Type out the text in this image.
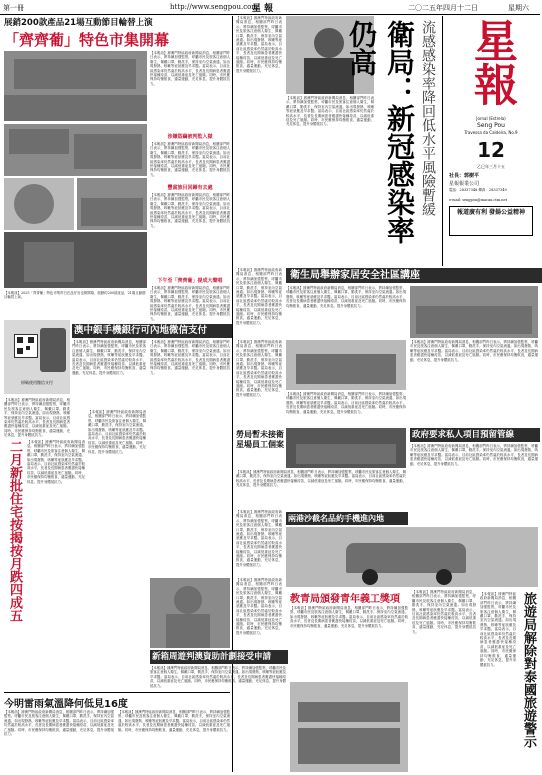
第一冊	http://www.sengpou.com
星 報	二〇二五年四月十二日	星期六
展銷200款產品21場互動節目輪替上演
「齊齊葡」特色市集開幕
【本報訊】據澳門特區政府新聞局消息，相關部門昨日表示，將持續加強監察，呼籲市民及旅客注意個人衛生，佩戴口罩，勤洗手，保持室內空氣流通。如出現發熱、咳嗽等症狀應及早求醫。當局表示，目前社區感染率仍然處於較高水平，長者及長期病患者應盡快接種疫苗，以減低重症及死亡風險。同時，市民應保持均衡飲食，適量運動，充足休息，提升身體抵抗力。
涉嫌盜竊被判監入獄
【本報訊】據澳門特區政府新聞局消息，相關部門昨日表示，將持續加強監察，呼籲市民及旅客注意個人衛生，佩戴口罩，勤洗手，保持室內空氣流通。如出現發熱、咳嗽等症狀應及早求醫。當局表示，目前社區感染率仍然處於較高水平，長者及長期病患者應盡快接種疫苗，以減低重症及死亡風險。同時，市民應保持均衡飲食，適量運動，充足休息，提升身體抵抗力。
豐富旅目回歸有去處
【本報訊】據澳門特區政府新聞局消息，相關部門昨日表示，將持續加強監察，呼籲市民及旅客注意個人衛生，佩戴口罩，勤洗手，保持室內空氣流通。如出現發熱、咳嗽等症狀應及早求醫。當局表示，目前社區感染率仍然處於較高水平，長者及長期病患者應盡快接種疫苗，以減低重症及死亡風險。同時，市民應保持均衡飲食，適量運動，充足休息，提升身體抵抗力。
下午至「齊齊葡」提成大聲唱
【本報訊】據澳門特區政府新聞局消息，相關部門昨日表示，將持續加強監察，呼籲市民及旅客注意個人衛生，佩戴口罩，勤洗手，保持室內空氣流通。如出現發熱、咳嗽等症狀應及早求醫。當局表示，目前社區感染率仍然處於較高水平，長者及長期病患者應盡快接種疫苗，以減低重症及死亡風險。同時，市民應保持均衡飲食，適量運動，充足休息，提升身體抵抗力。
【本報訊】2025「齊齊葡」特色市集昨日在氹仔官也街開幕，展銷約200款產品，21場互動節目輪替上演。
掃碼使用微信支付
澳中銀手機銀行可內地微信支付
【本報訊】據澳門特區政府新聞局消息，相關部門昨日表示，將持續加強監察，呼籲市民及旅客注意個人衛生，佩戴口罩，勤洗手，保持室內空氣流通。如出現發熱、咳嗽等症狀應及早求醫。當局表示，目前社區感染率仍然處於較高水平，長者及長期病患者應盡快接種疫苗，以減低重症及死亡風險。同時，市民應保持均衡飲食，適量運動，充足休息，提升身體抵抗力。
【本報訊】據澳門特區政府新聞局消息，相關部門昨日表示，將持續加強監察，呼籲市民及旅客注意個人衛生，佩戴口罩，勤洗手，保持室內空氣流通。如出現發熱、咳嗽等症狀應及早求醫。當局表示，目前社區感染率仍然處於較高水平，長者及長期病患者應盡快接種疫苗，以減低重症及死亡風險。同時，市民應保持均衡飲食，適量運動，充足休息，提升身體抵抗力。
【本報訊】據澳門特區政府新聞局消息，相關部門昨日表示，將持續加強監察，呼籲市民及旅客注意個人衛生，佩戴口罩，勤洗手，保持室內空氣流通。如出現發熱、咳嗽等症狀應及早求醫。當局表示，目前社區感染率仍然處於較高水平，長者及長期病患者應盡快接種疫苗，以減低重症及死亡風險。同時，市民應保持均衡飲食，適量運動，充足休息，提升身體抵抗力。
二月新批住宅按揭按月跌四成五	【本報訊】據澳門特區政府新聞局消息，相關部門昨日表示，將持續加強監察，呼籲市民及旅客注意個人衛生，佩戴口罩，勤洗手，保持室內空氣流通。如出現發熱、咳嗽等症狀應及早求醫。當局表示，目前社區感染率仍然處於較高水平，長者及長期病患者應盡快接種疫苗，以減低重症及死亡風險。同時，市民應保持均衡飲食，適量運動，充足休息，提升身體抵抗力。
【本報訊】據澳門特區政府新聞局消息，相關部門昨日表示，將持續加強監察，呼籲市民及旅客注意個人衛生，佩戴口罩，勤洗手，保持室內空氣流通。如出現發熱、咳嗽等症狀應及早求醫。當局表示，目前社區感染率仍然處於較高水平，長者及長期病患者應盡快接種疫苗，以減低重症及死亡風險。同時，市民應保持均衡飲食，適量運動，充足休息，提升身體抵抗力。
今明雷雨氣溫降何低見16度
【本報訊】據澳門特區政府新聞局消息，相關部門昨日表示，將持續加強監察，呼籲市民及旅客注意個人衛生，佩戴口罩，勤洗手，保持室內空氣流通。如出現發熱、咳嗽等症狀應及早求醫。當局表示，目前社區感染率仍然處於較高水平，長者及長期病患者應盡快接種疫苗，以減低重症及死亡風險。同時，市民應保持均衡飲食，適量運動，充足休息，提升身體抵抗力。
【本報訊】據澳門特區政府新聞局消息，相關部門昨日表示，將持續加強監察，呼籲市民及旅客注意個人衛生，佩戴口罩，勤洗手，保持室內空氣流通。如出現發熱、咳嗽等症狀應及早求醫。當局表示，目前社區感染率仍然處於較高水平，長者及長期病患者應盡快接種疫苗，以減低重症及死亡風險。同時，市民應保持均衡飲食，適量運動，充足休息，提升身體抵抗力。
【本報訊】據澳門特區政府新聞局消息，相關部門昨日表示，將持續加強監察，呼籲市民及旅客注意個人衛生，佩戴口罩，勤洗手，保持室內空氣流通。如出現發熱、咳嗽等症狀應及早求醫。當局表示，目前社區感染率仍然處於較高水平，長者及長期病患者應盡快接種疫苗，以減低重症及死亡風險。同時，市民應保持均衡飲食，適量運動，充足休息，提升身體抵抗力。
【本報訊】據澳門特區政府新聞局消息，相關部門昨日表示，將持續加強監察，呼籲市民及旅客注意個人衛生，佩戴口罩，勤洗手，保持室內空氣流通。如出現發熱、咳嗽等症狀應及早求醫。當局表示，目前社區感染率仍然處於較高水平，長者及長期病患者應盡快接種疫苗，以減低重症及死亡風險。同時，市民應保持均衡飲食，適量運動，充足休息，提升身體抵抗力。	衛局：新冠感染率仍高	流感感染率降回低水平風險暫緩 星報
Jornal (Estrela)
Seng Pou
Travessa da Caldeira, No.9
12
乙巳年三月十五
社長：郭樹平
星報報業公司
電話：28337348 傳真：28337349
e-mail: sengpou@macau.ctm.net
報道廣有利 發揚公益精神
衛生局舉辦家居安全社區講座
【本報訊】據澳門特區政府新聞局消息，相關部門昨日表示，將持續加強監察，呼籲市民及旅客注意個人衛生，佩戴口罩，勤洗手，保持室內空氣流通。如出現發熱、咳嗽等症狀應及早求醫。當局表示，目前社區感染率仍然處於較高水平，長者及長期病患者應盡快接種疫苗，以減低重症及死亡風險。同時，市民應保持均衡飲食，適量運動，充足休息，提升身體抵抗力。
【本報訊】據澳門特區政府新聞局消息，相關部門昨日表示，將持續加強監察，呼籲市民及旅客注意個人衛生，佩戴口罩，勤洗手，保持室內空氣流通。如出現發熱、咳嗽等症狀應及早求醫。當局表示，目前社區感染率仍然處於較高水平，長者及長期病患者應盡快接種疫苗，以減低重症及死亡風險。同時，市民應保持均衡飲食，適量運動，充足休息，提升身體抵抗力。
【本報訊】據澳門特區政府新聞局消息，相關部門昨日表示，將持續加強監察，呼籲市民及旅客注意個人衛生，佩戴口罩，勤洗手，保持室內空氣流通。如出現發熱、咳嗽等症狀應及早求醫。當局表示，目前社區感染率仍然處於較高水平，長者及長期病患者應盡快接種疫苗，以減低重症及死亡風險。同時，市民應保持均衡飲食，適量運動，充足休息，提升身體抵抗力。
【本報訊】據澳門特區政府新聞局消息，相關部門昨日表示，將持續加強監察，呼籲市民及旅客注意個人衛生，佩戴口罩，勤洗手，保持室內空氣流通。如出現發熱、咳嗽等症狀應及早求醫。當局表示，目前社區感染率仍然處於較高水平，長者及長期病患者應盡快接種疫苗，以減低重症及死亡風險。同時，市民應保持均衡飲食，適量運動，充足休息，提升身體抵抗力。	【本報訊】據澳門特區政府新聞局消息，相關部門昨日表示，將持續加強監察，呼籲市民及旅客注意個人衛生，佩戴口罩，勤洗手，保持室內空氣流通。如出現發熱、咳嗽等症狀應及早求醫。當局表示，目前社區感染率仍然處於較高水平，長者及長期病患者應盡快接種疫苗，以減低重症及死亡風險。同時，市民應保持均衡飲食，適量運動，充足休息，提升身體抵抗力。
政府要求私人項目預留管線
【本報訊】據澳門特區政府新聞局消息，相關部門昨日表示，將持續加強監察，呼籲市民及旅客注意個人衛生，佩戴口罩，勤洗手，保持室內空氣流通。如出現發熱、咳嗽等症狀應及早求醫。當局表示，目前社區感染率仍然處於較高水平，長者及長期病患者應盡快接種疫苗，以減低重症及死亡風險。同時，市民應保持均衡飲食，適量運動，充足休息，提升身體抵抗力。
勞局暫未接衛星場員工個案
【本報訊】據澳門特區政府新聞局消息，相關部門昨日表示，將持續加強監察，呼籲市民及旅客注意個人衛生，佩戴口罩，勤洗手，保持室內空氣流通。如出現發熱、咳嗽等症狀應及早求醫。當局表示，目前社區感染率仍然處於較高水平，長者及長期病患者應盡快接種疫苗，以減低重症及死亡風險。同時，市民應保持均衡飲食，適量運動，充足休息，提升身體抵抗力。
【本報訊】據澳門特區政府新聞局消息，相關部門昨日表示，將持續加強監察，呼籲市民及旅客注意個人衛生，佩戴口罩，勤洗手，保持室內空氣流通。如出現發熱、咳嗽等症狀應及早求醫。當局表示，目前社區感染率仍然處於較高水平，長者及長期病患者應盡快接種疫苗，以減低重症及死亡風險。同時，市民應保持均衡飲食，適量運動，充足休息，提升身體抵抗力。
兩港沙截名品約手機進內地
【本報訊】據澳門特區政府新聞局消息，相關部門昨日表示，將持續加強監察，呼籲市民及旅客注意個人衛生，佩戴口罩，勤洗手，保持室內空氣流通。如出現發熱、咳嗽等症狀應及早求醫。當局表示，目前社區感染率仍然處於較高水平，長者及長期病患者應盡快接種疫苗，以減低重症及死亡風險。同時，市民應保持均衡飲食，適量運動，充足休息，提升身體抵抗力。
新箱周遊判澳資助計劃接受申請
【本報訊】據澳門特區政府新聞局消息，相關部門昨日表示，將持續加強監察，呼籲市民及旅客注意個人衛生，佩戴口罩，勤洗手，保持室內空氣流通。如出現發熱、咳嗽等症狀應及早求醫。當局表示，目前社區感染率仍然處於較高水平，長者及長期病患者應盡快接種疫苗，以減低重症及死亡風險。同時，市民應保持均衡飲食，適量運動，充足休息，提升身體抵抗力。
教青局頒發青年義工獎項
【本報訊】據澳門特區政府新聞局消息，相關部門昨日表示，將持續加強監察，呼籲市民及旅客注意個人衛生，佩戴口罩，勤洗手，保持室內空氣流通。如出現發熱、咳嗽等症狀應及早求醫。當局表示，目前社區感染率仍然處於較高水平，長者及長期病患者應盡快接種疫苗，以減低重症及死亡風險。同時，市民應保持均衡飲食，適量運動，充足休息，提升身體抵抗力。
【本報訊】據澳門特區政府新聞局消息，相關部門昨日表示，將持續加強監察，呼籲市民及旅客注意個人衛生，佩戴口罩，勤洗手，保持室內空氣流通。如出現發熱、咳嗽等症狀應及早求醫。當局表示，目前社區感染率仍然處於較高水平，長者及長期病患者應盡快接種疫苗，以減低重症及死亡風險。同時，市民應保持均衡飲食，適量運動，充足休息，提升身體抵抗力。	旅遊局解除對泰國旅遊警示
【本報訊】據澳門特區政府新聞局消息，相關部門昨日表示，將持續加強監察，呼籲市民及旅客注意個人衛生，佩戴口罩，勤洗手，保持室內空氣流通。如出現發熱、咳嗽等症狀應及早求醫。當局表示，目前社區感染率仍然處於較高水平，長者及長期病患者應盡快接種疫苗，以減低重症及死亡風險。同時，市民應保持均衡飲食，適量運動，充足休息，提升身體抵抗力。
